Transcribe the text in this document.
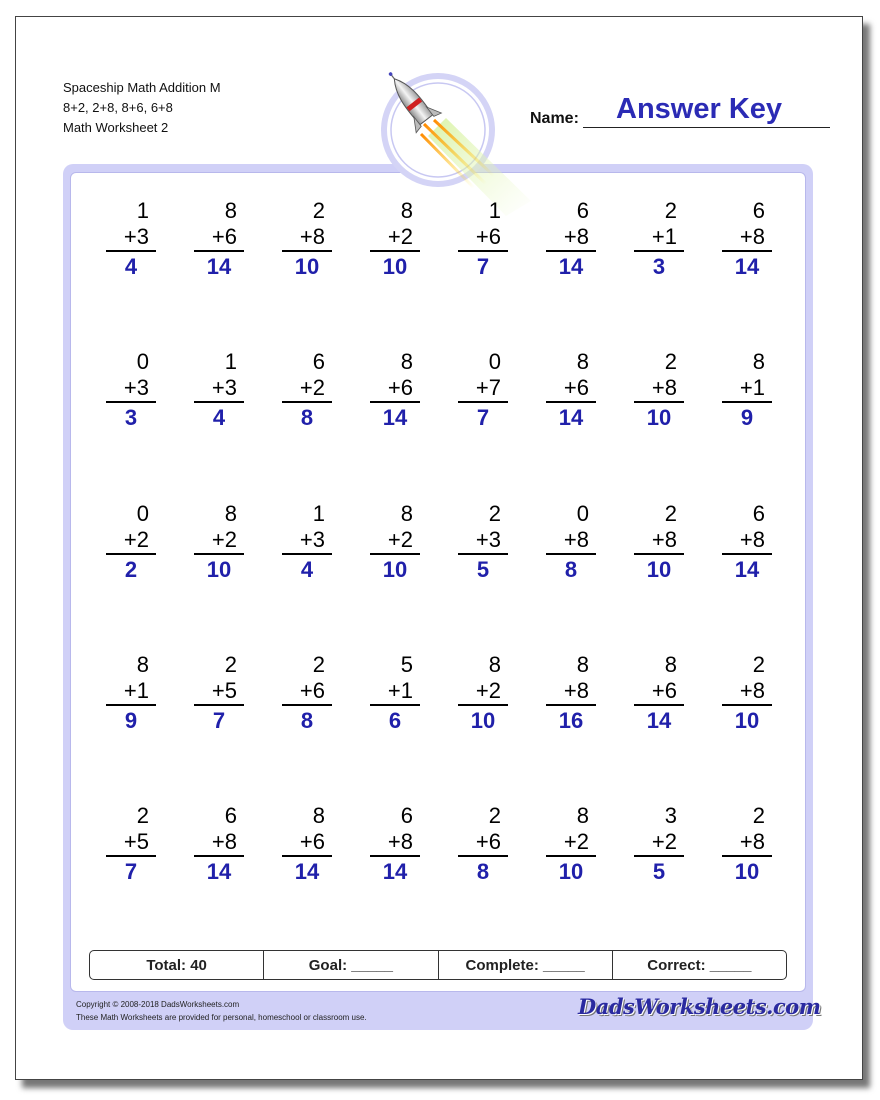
Spaceship Math Addition M
8+2, 2+8, 8+6, 6+8
Math Worksheet 2
Name: Answer Key
1
+3
4
8
+6
14
2
+8
10
8
+2
10
1
+6
7
6
+8
14
2
+1
3
6
+8
14
0
+3
3
1
+3
4
6
+2
8
8
+6
14
0
+7
7
8
+6
14
2
+8
10
8
+1
9
0
+2
2
8
+2
10
1
+3
4
8
+2
10
2
+3
5
0
+8
8
2
+8
10
6
+8
14
8
+1
9
2
+5
7
2
+6
8
5
+1
6
8
+2
10
8
+8
16
8
+6
14
2
+8
10
2
+5
7
6
+8
14
8
+6
14
6
+8
14
2
+6
8
8
+2
10
3
+2
5
2
+8
10
Total: 40	Goal: _____	Complete: _____	Correct: _____
Copyright © 2008-2018 DadsWorksheets.com
These Math Worksheets are provided for personal, homeschool or classroom use.	DadsWorksheets.com
